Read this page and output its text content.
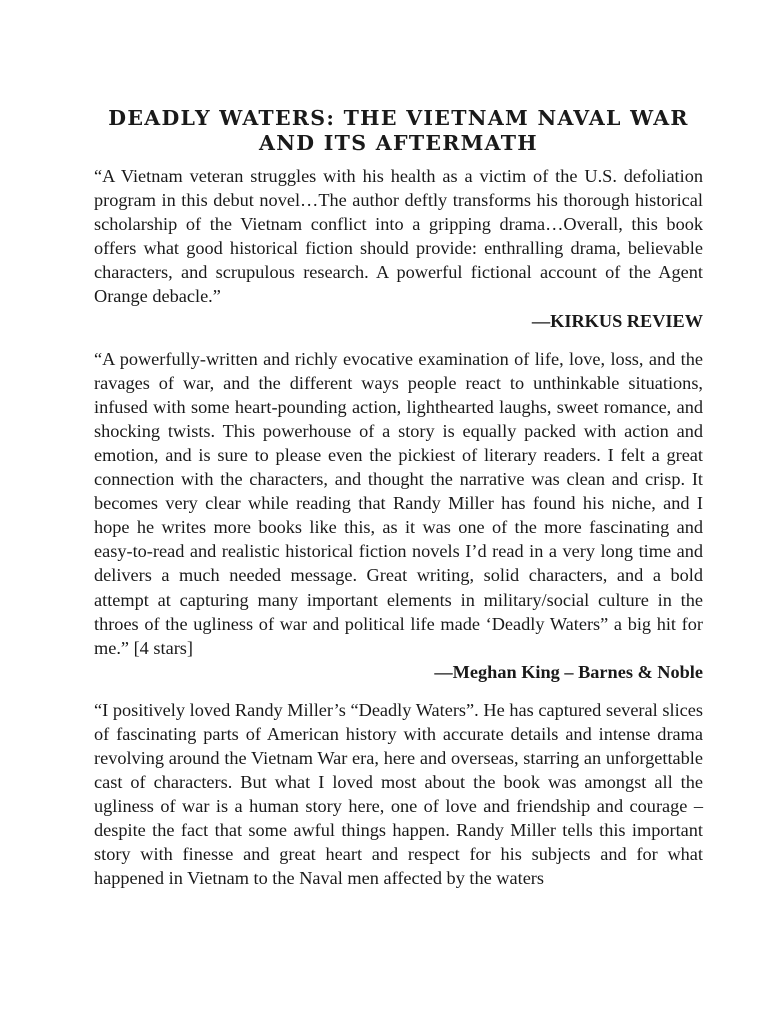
DEADLY WATERS: THE VIETNAM NAVAL WAR
AND ITS AFTERMATH

“A Vietnam veteran struggles with his health as a victim of the U.S. defoliation program in this debut novel…The author deftly transforms his thorough historical scholarship of the Vietnam conflict into a gripping drama…Overall, this book offers what good historical fiction should provide: enthralling drama, believable characters, and scrupulous research. A powerful fictional account of the Agent Orange debacle.”

—KIRKUS REVIEW

“A powerfully-written and richly evocative examination of life, love, loss, and the ravages of war, and the different ways people react to unthinkable situations, infused with some heart-pounding action, lighthearted laughs, sweet romance, and shocking twists. This powerhouse of a story is equally packed with action and emotion, and is sure to please even the pickiest of literary readers. I felt a great connection with the characters, and thought the narrative was clean and crisp. It becomes very clear while reading that Randy Miller has found his niche, and I hope he writes more books like this, as it was one of the more fascinating and easy-to-read and realistic historical fiction novels I’d read in a very long time and delivers a much needed message. Great writing, solid characters, and a bold attempt at capturing many important elements in military/social culture in the throes of the ugliness of war and political life made ‘Deadly Waters” a big hit for me.” [4 stars]

—Meghan King – Barnes & Noble

“I positively loved Randy Miller’s “Deadly Waters”. He has captured several slices of fascinating parts of American history with accurate details and intense drama revolving around the Vietnam War era, here and overseas, starring an unforgettable cast of characters. But what I loved most about the book was amongst all the ugliness of war is a human story here, one of love and friendship and courage – despite the fact that some awful things happen. Randy Miller tells this important story with finesse and great heart and respect for his subjects and for what happened in Vietnam to the Naval men affected by the waters
